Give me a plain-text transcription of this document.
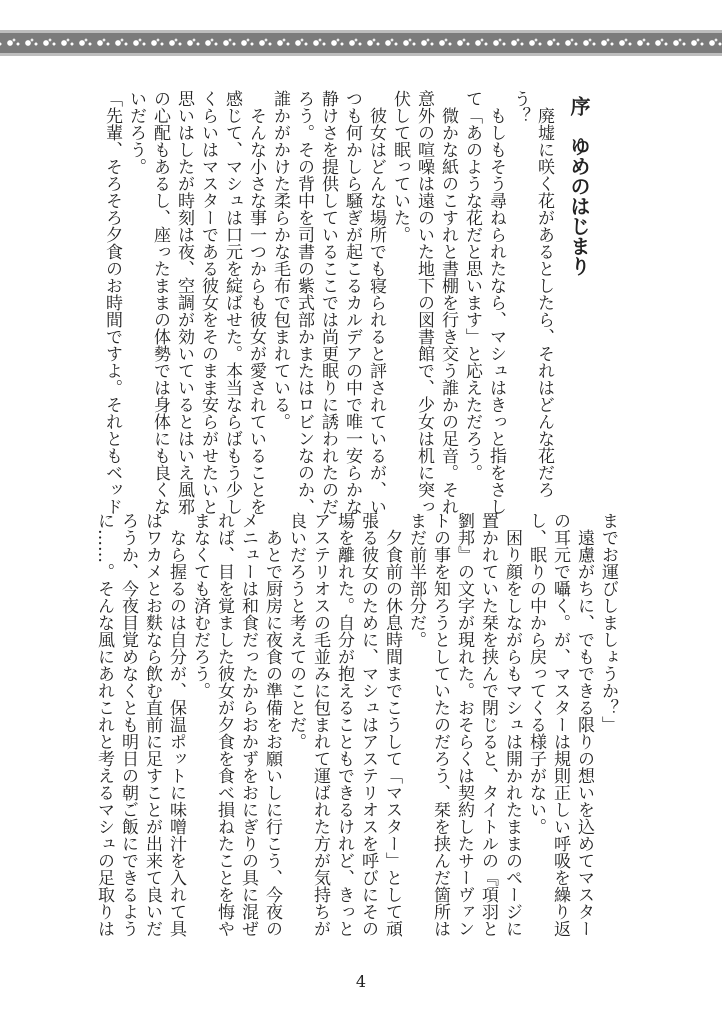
序　ゆめのはじまり
　廃墟に咲く花があるとしたら、それはどんな花だろ
う？
　もしもそう尋ねられたなら、マシュはきっと指をさし
て「あのような花だと思います」と応えただろう。
　微かな紙のこすれと書棚を行き交う誰かの足音。それ
意外の喧噪は遠のいた地下の図書館で、少女は机に突っ
伏して眠っていた。
　彼女はどんな場所でも寝られると評されているが、い
つも何かしら騒ぎが起こるカルデアの中で唯一安らかな
静けさを提供しているここでは尚更眠りに誘われたのだ
ろう。その背中を司書の紫式部かまたはロビンなのか、
誰かがかけた柔らかな毛布で包まれている。
　そんな小さな事一つからも彼女が愛されていることを
感じて、マシュは口元を綻ばせた。本当ならばもう少し
くらいはマスターである彼女をそのまま安らがせたいと
思いはしたが時刻は夜、空調が効いているとはいえ風邪
の心配もあるし、座ったままの体勢では身体にも良くな
いだろう。
「先輩、そろそろ夕食のお時間ですよ。それともベッド
までお運びしましょうか？」
　遠慮がちに、でもできる限りの想いを込めてマスター
の耳元で囁く。が、マスターは規則正しい呼吸を繰り返
し、眠りの中から戻ってくる様子がない。
　困り顔をしながらもマシュは開かれたままのページに
置かれていた栞を挟んで閉じると、タイトルの『項羽と
劉邦』の文字が現れた。おそらくは契約したサーヴァン
トの事を知ろうとしていたのだろう、栞を挟んだ箇所は
まだ前半部分だ。
　夕食前の休息時間までこうして「マスター」として頑
張る彼女のために、マシュはアステリオスを呼びにその
場を離れた。自分が抱えることもできるけれど、きっと
アステリオスの毛並みに包まれて運ばれた方が気持ちが
良いだろうと考えてのことだ。
　あとで厨房に夜食の準備をお願いしに行こう、今夜の
メニューは和食だったからおかずをおにぎりの具に混ぜ
れば、目を覚ました彼女が夕食を食べ損ねたことを悔や
まなくても済むだろう。
　なら握るのは自分が、保温ポットに味噌汁を入れて具
はワカメとお麩なら飲む直前に足すことが出来て良いだ
ろうか、今夜目覚めなくとも明日の朝ご飯にできるよう
に……。そんな風にあれこれと考えるマシュの足取りは
4
